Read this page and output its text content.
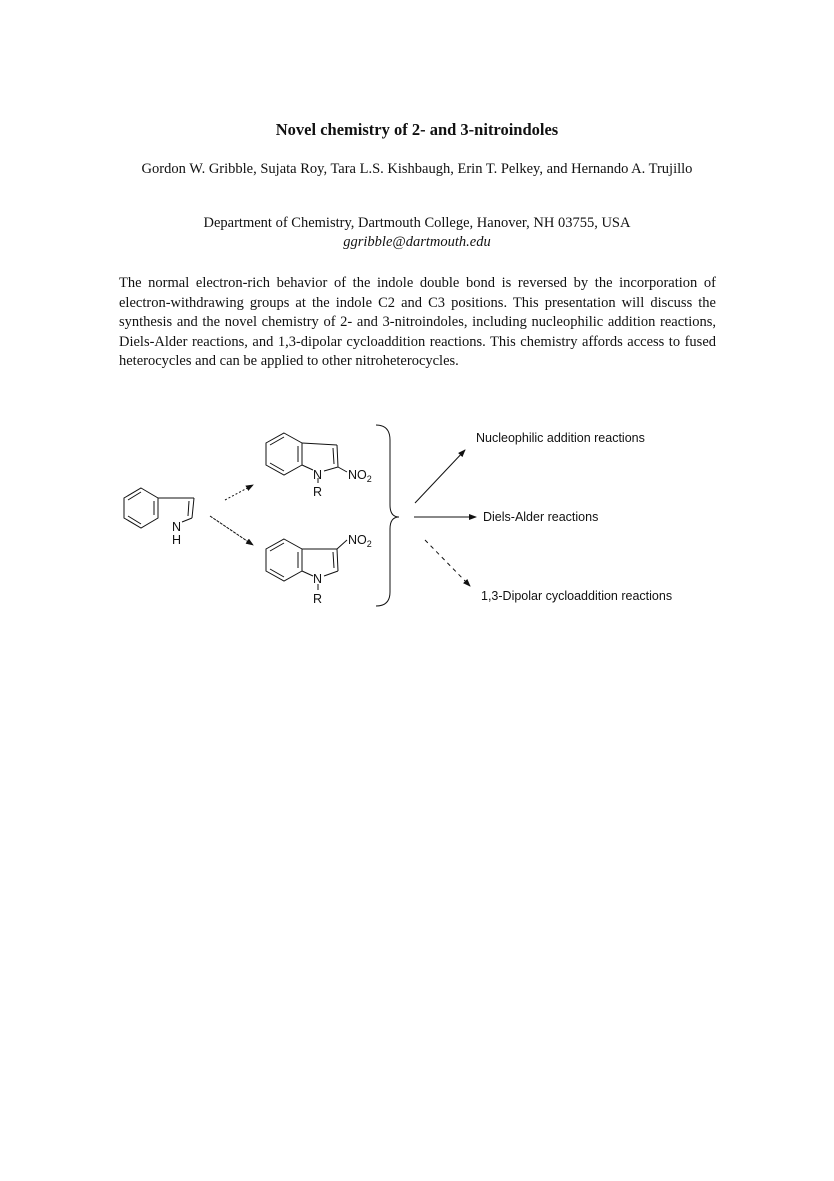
Novel chemistry of 2- and 3-nitroindoles
Gordon W. Gribble, Sujata Roy, Tara L.S. Kishbaugh, Erin T. Pelkey, and Hernando A. Trujillo
Department of Chemistry, Dartmouth College, Hanover, NH 03755, USA
ggribble@dartmouth.edu
The normal electron-rich behavior of the indole double bond is reversed by the incorporation of electron-withdrawing groups at the indole C2 and C3 positions. This presentation will discuss the synthesis and the novel chemistry of 2- and 3-nitroindoles, including nucleophilic addition reactions, Diels-Alder reactions, and 1,3-dipolar cycloaddition reactions. This chemistry affords access to fused heterocycles and can be applied to other nitroheterocycles.
N
H
N
R
$NO_2$
N
R
$NO_2$
Nucleophilic addition reactions
Diels-Alder reactions
1,3-Dipolar cycloaddition reactions
